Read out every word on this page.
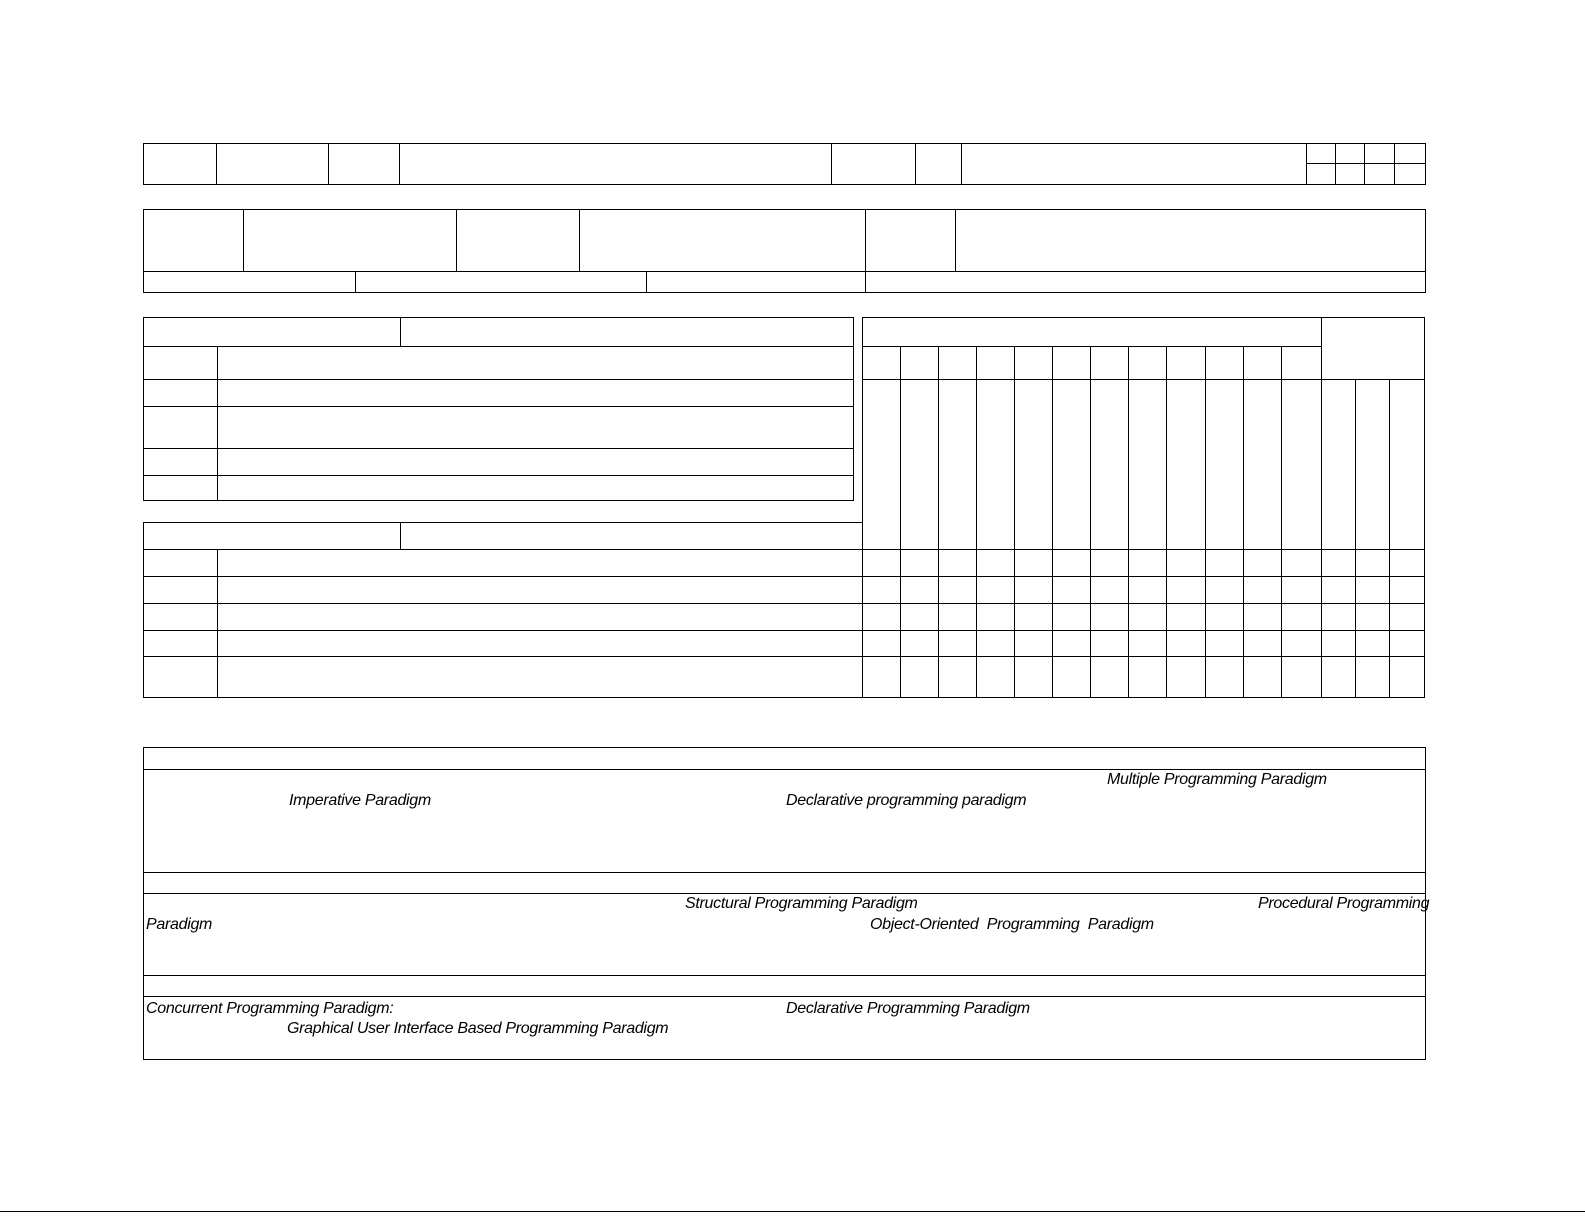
Imperative Paradigm	Declarative programming paradigm
Multiple Programming Paradigm
Structural Programming Paradigm	Procedural Programming
Paradigm	Object-Oriented  Programming  Paradigm
Concurrent Programming Paradigm:	Declarative Programming Paradigm
Graphical User Interface Based Programming Paradigm
